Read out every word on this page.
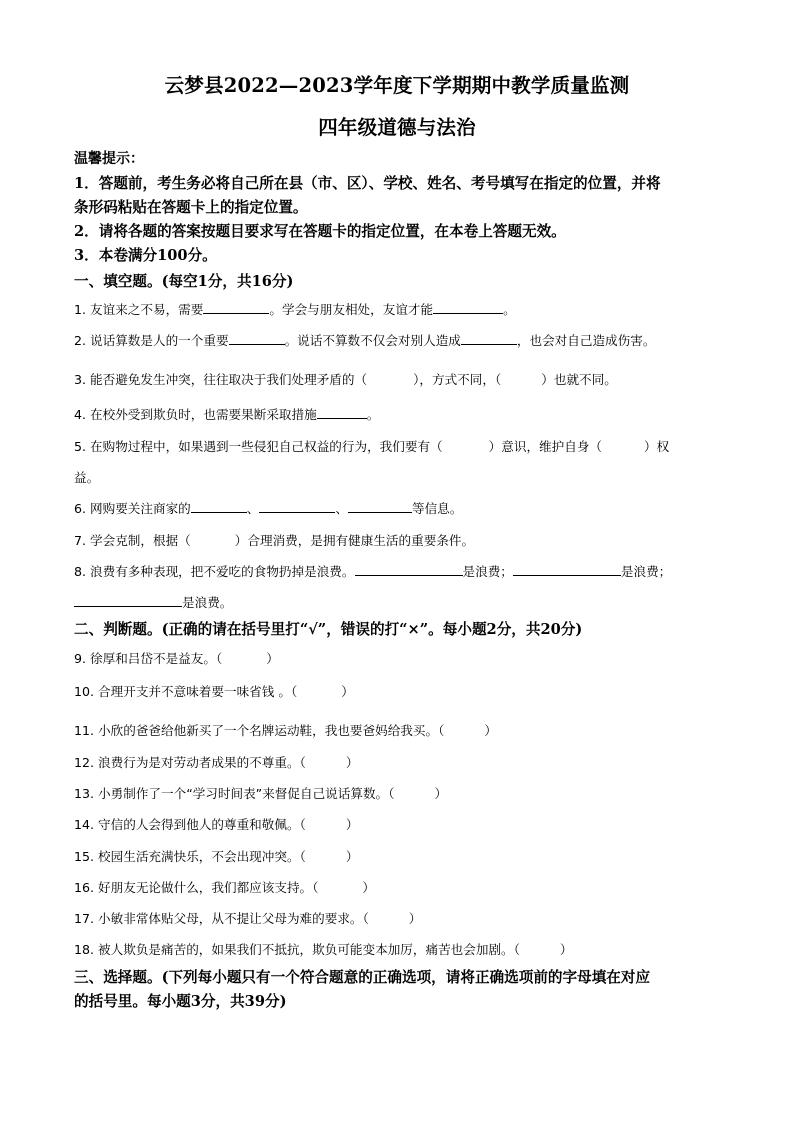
云梦县2022—2023学年度下学期期中教学质量监测
四年级道德与法治
温馨提示：
1．答题前，考生务必将自己所在县（市、区）、学校、姓名、考号填写在指定的位置，并将
条形码粘贴在答题卡上的指定位置。
2．请将各题的答案按题目要求写在答题卡的指定位置，在本卷上答题无效。
3．本卷满分100分。
一、填空题。(每空1分，共16分)
1. 友谊来之不易，需要	。学会与朋友相处，友谊才能	。
2. 说话算数是人的一个重要	。说话不算数不仅会对别人造成	，也会对自己造成伤害。
3. 能否避免发生冲突，往往取决于我们处理矛盾的（	），方式不同，（	）也就不同。
4. 在校外受到欺负时，也需要果断采取措施	。
5. 在购物过程中，如果遇到一些侵犯自己权益的行为，我们要有（	）意识，维护自身（	）权
益。
6. 网购要关注商家的	、	、	等信息。
7. 学会克制，根据（	）合理消费，是拥有健康生活的重要条件。
8. 浪费有多种表现，把不爱吃的食物扔掉是浪费。	是浪费；	是浪费；
是浪费。
二、判断题。(正确的请在括号里打“√”，错误的打“×”。每小题2分，共20分)
9. 徐厚和吕岱不是益友。（	）
10. 合理开支并不意味着要一味省钱 。（	）
11. 小欣的爸爸给他新买了一个名牌运动鞋，我也要爸妈给我买。（	）
12. 浪费行为是对劳动者成果的不尊重。（	）
13. 小勇制作了一个“学习时间表”来督促自己说话算数。（	）
14. 守信的人会得到他人的尊重和敬佩。（	）
15. 校园生活充满快乐，不会出现冲突。（	）
16. 好朋友无论做什么，我们都应该支持。（	）
17. 小敏非常体贴父母，从不提让父母为难的要求。（	）
18. 被人欺负是痛苦的，如果我们不抵抗，欺负可能变本加厉，痛苦也会加剧。（	）
三、选择题。(下列每小题只有一个符合题意的正确选项，请将正确选项前的字母填在对应
的括号里。每小题3分，共39分)
